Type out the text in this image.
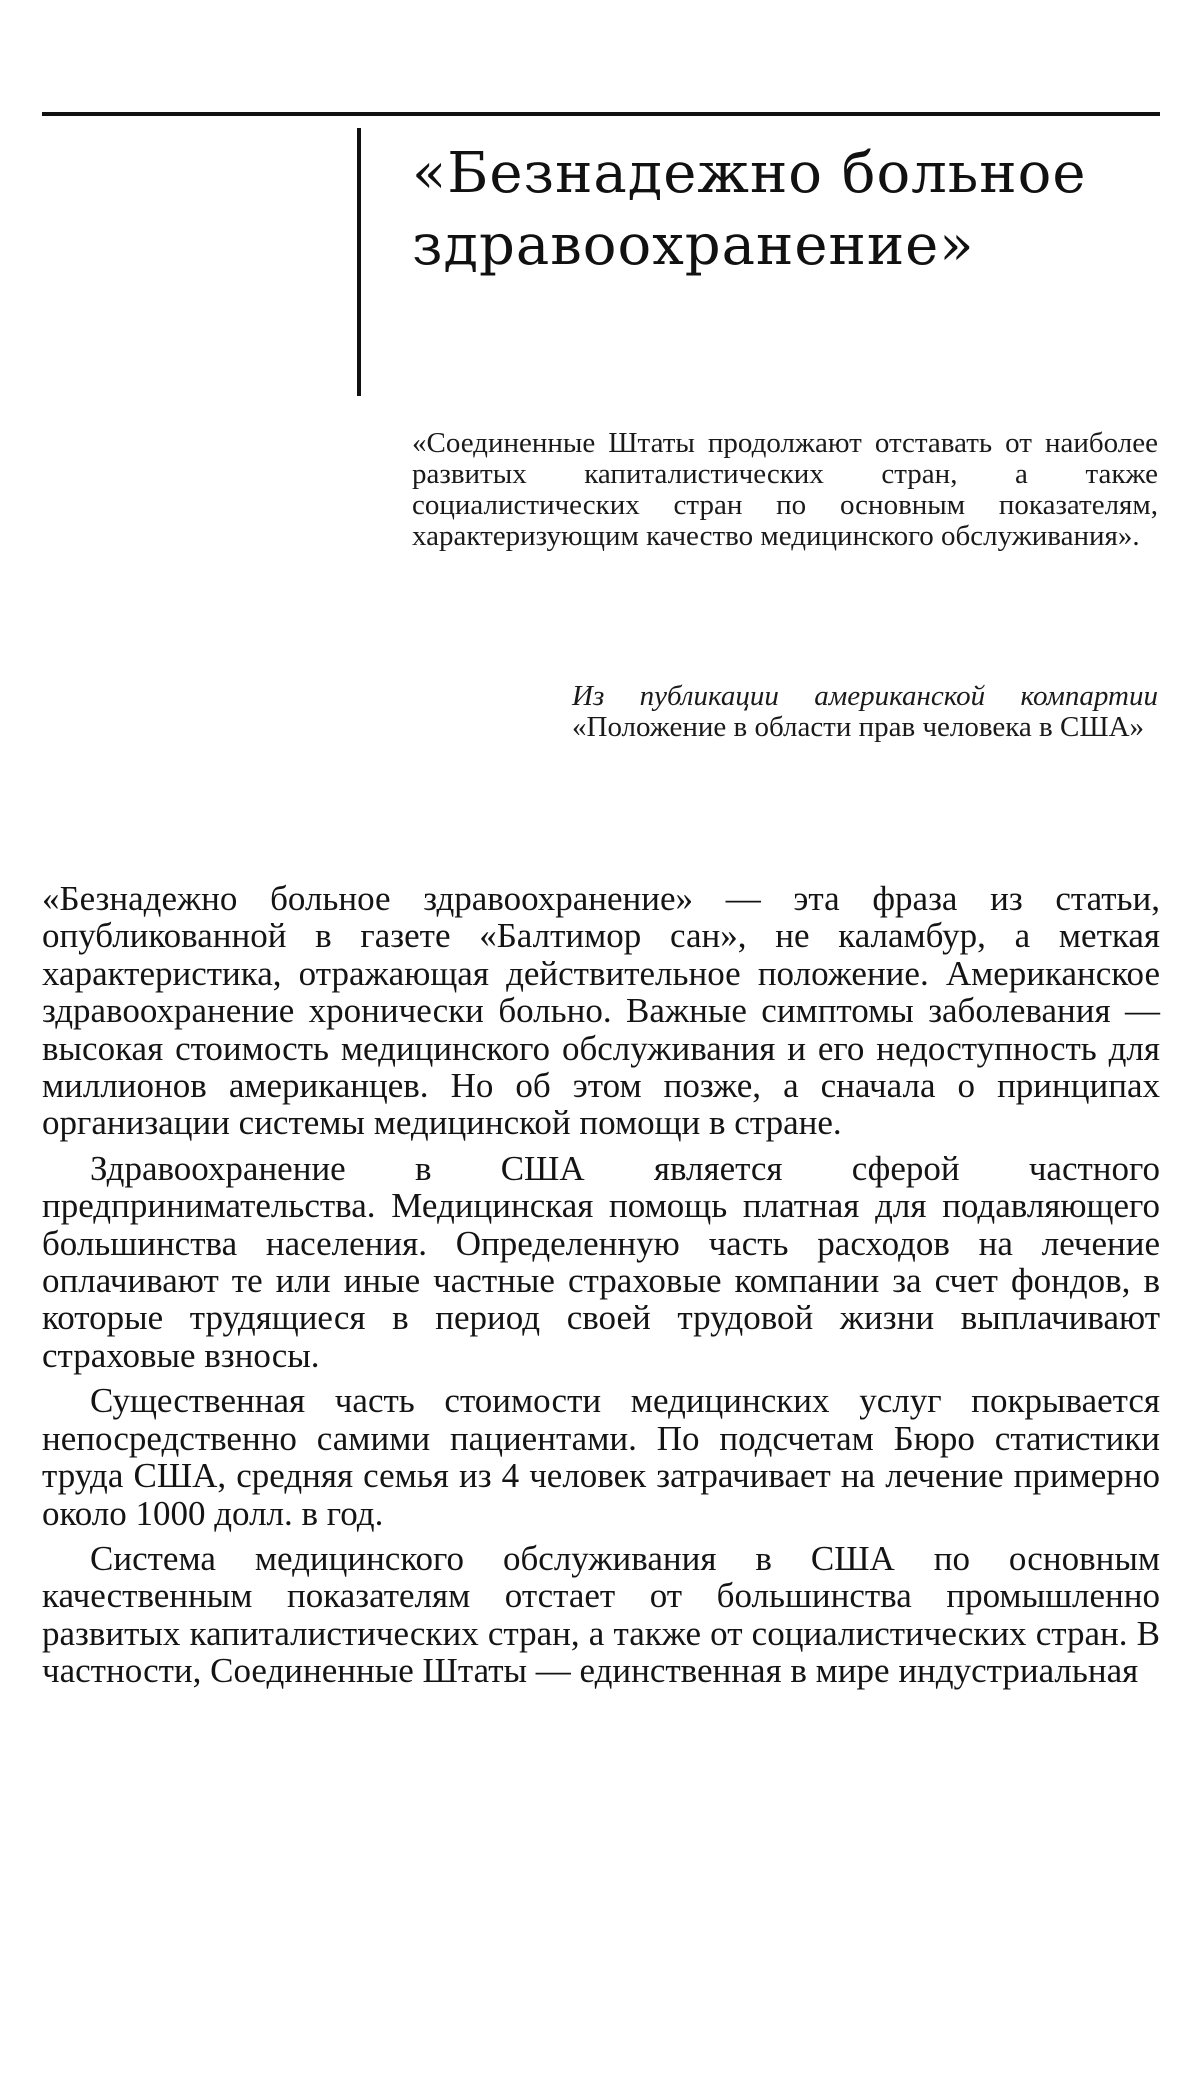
«Безнадежно больное здравоохранение»

«Соединенные Штаты продолжают отставать от наиболее развитых капиталистических стран, а также социалистических стран по основным показателям, характеризующим качество медицинского обслуживания».

Из публикации американской компартии «Положение в области прав человека в США»

«Безнадежно больное здравоохранение» — эта фраза из статьи, опубликованной в газете «Балтимор сан», не каламбур, а меткая характеристика, отражающая действительное положение. Американское здравоохранение хронически больно. Важные симптомы заболевания — высокая стоимость медицинского обслуживания и его недоступность для миллионов американцев. Но об этом позже, а сначала о принципах организации системы медицинской помощи в стране.

Здравоохранение в США является сферой частного предпринимательства. Медицинская помощь платная для подавляющего большинства населения. Определенную часть расходов на лечение оплачивают те или иные частные страховые компании за счет фондов, в которые трудящиеся в период своей трудовой жизни выплачивают страховые взносы.

Существенная часть стоимости медицинских услуг покрывается непосредственно самими пациентами. По подсчетам Бюро статистики труда США, средняя семья из 4 человек затрачивает на лечение примерно около 1000 долл. в год.

Система медицинского обслуживания в США по основным качественным показателям отстает от большинства промышленно развитых капиталистических стран, а также от социалистических стран. В частности, Соединенные Штаты — единственная в мире индустриальная
